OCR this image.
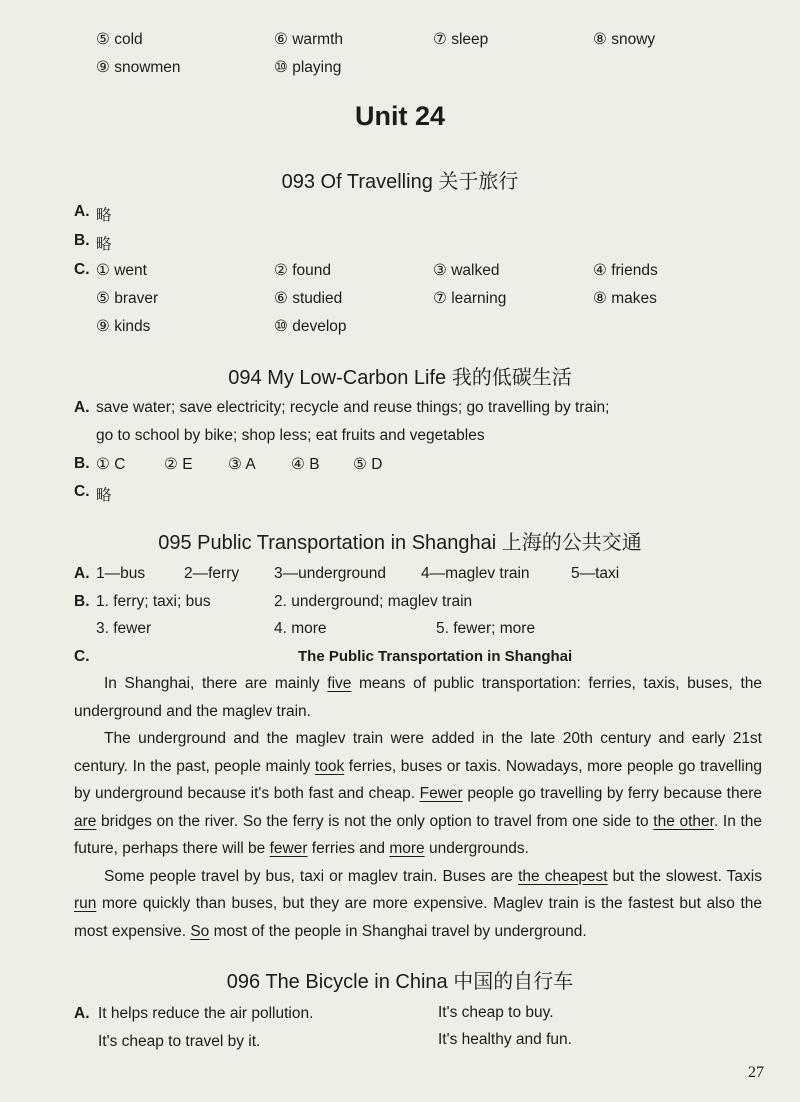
⑤ cold	⑥ warmth	⑦ sleep	⑧ snowy
⑨ snowmen	⑩ playing
Unit 24
093 Of Travelling 关于旅行
A. 略
B. 略
C. ① went	② found	③ walked	④ friends
⑤ braver	⑥ studied	⑦ learning	⑧ makes
⑨ kinds	⑩ develop
094 My Low-Carbon Life 我的低碳生活
A. save water; save electricity; recycle and reuse things; go travelling by train;
go to school by bike; shop less; eat fruits and vegetables
B. ① C ② E ③ A ④ B ⑤ D
C. 略
095 Public Transportation in Shanghai 上海的公共交通
A. 1—bus	2—ferry 3—underground 4—maglev train	5—taxi
B. 1. ferry; taxi; bus	2. underground; maglev train
3. fewer	4. more	5. fewer; more
C.	The Public Transportation in Shanghai

In Shanghai, there are mainly five means of public transportation: ferries, taxis, buses, the underground and the maglev train.

The underground and the maglev train were added in the late 20th century and early 21st century. In the past, people mainly took ferries, buses or taxis. Nowadays, more people go travelling by underground because it's both fast and cheap. Fewer people go travelling by ferry because there are bridges on the river. So the ferry is not the only option to travel from one side to the other. In the future, perhaps there will be fewer ferries and more undergrounds.

Some people travel by bus, taxi or maglev train. Buses are the cheapest but the slowest. Taxis run more quickly than buses, but they are more expensive. Maglev train is the fastest but also the most expensive. So most of the people in Shanghai travel by underground.

096 The Bicycle in China 中国的自行车
A. It helps reduce the air pollution.	It's cheap to buy.
It's cheap to travel by it.	It's healthy and fun.
27
